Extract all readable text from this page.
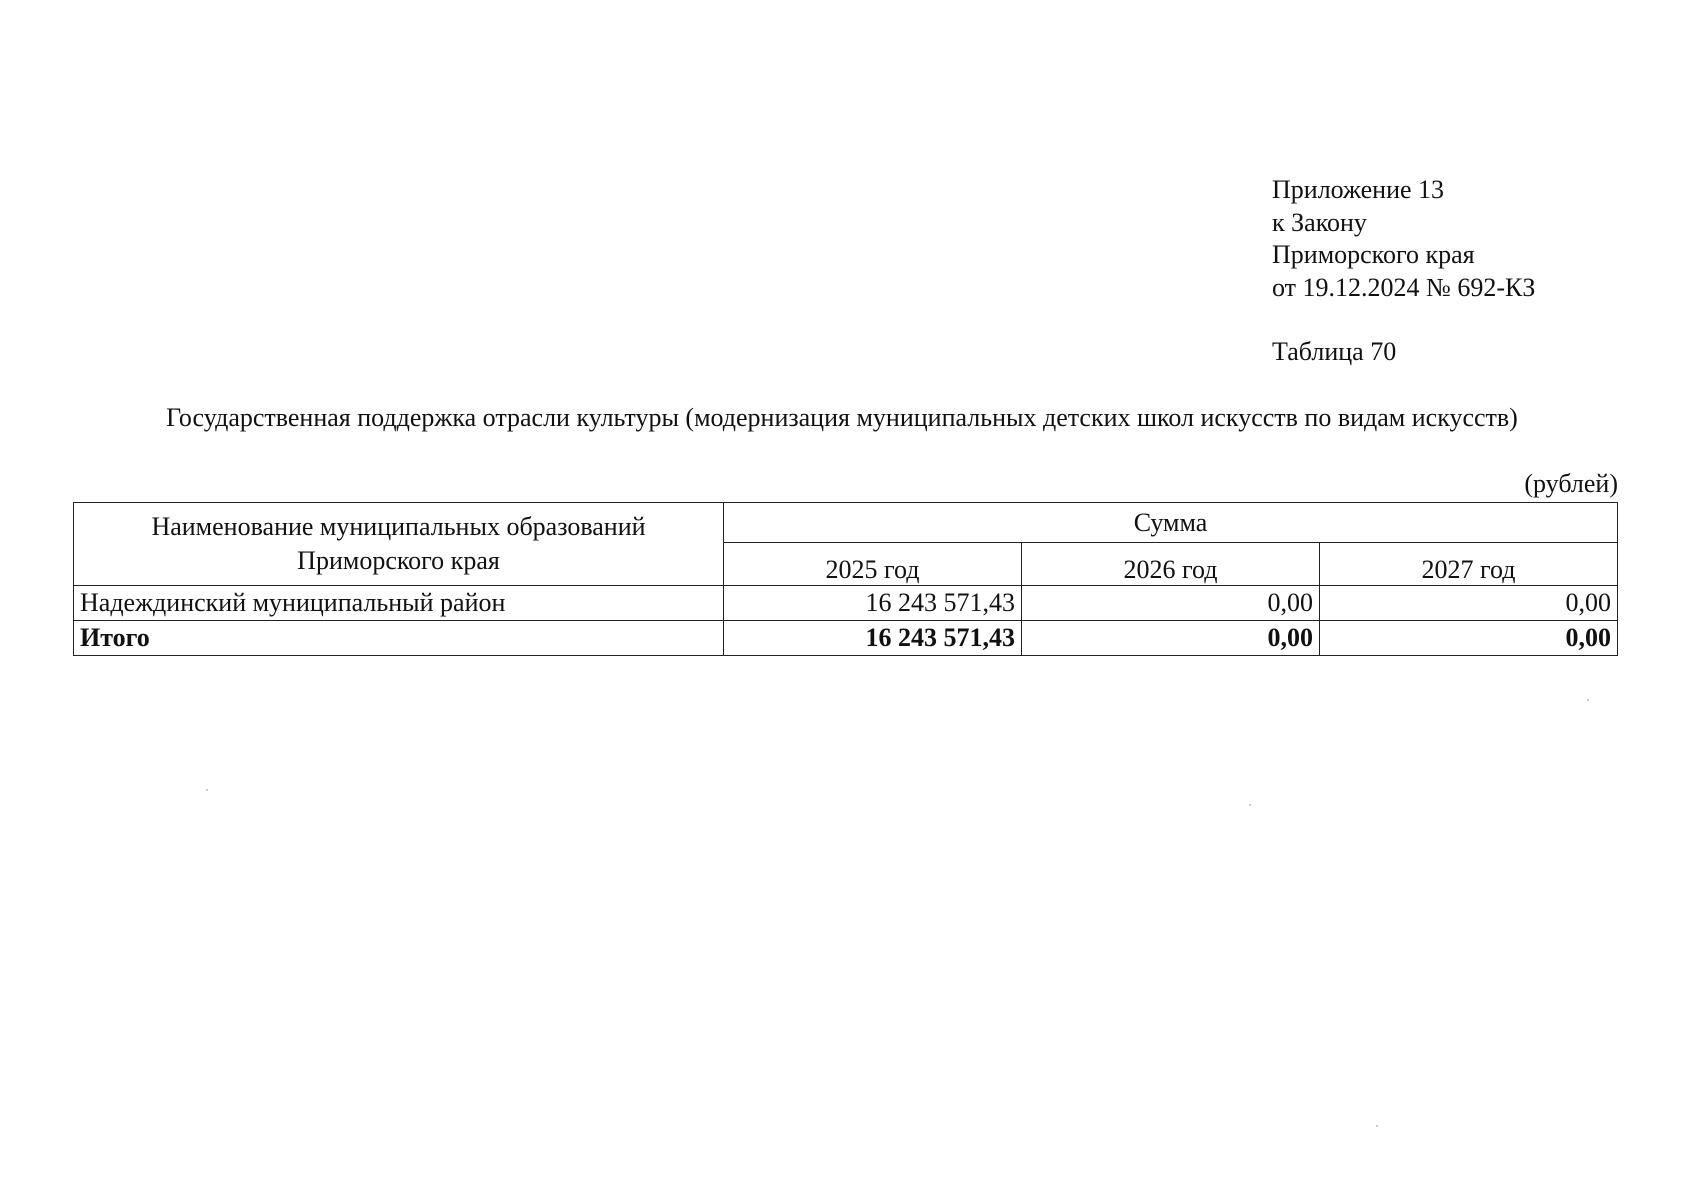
Приложение 13
к Закону
Приморского края
от 19.12.2024 № 692-КЗ
Таблица 70
Государственная поддержка отрасли культуры (модернизация муниципальных детских школ искусств по видам искусств)
(рублей)
Наименование муниципальных образований
Приморского края	Сумма		
	2025 год	2026 год	2027 год
Надеждинский муниципальный район	16 243 571,43	0,00	0,00
Итого	16 243 571,43	0,00	0,00
